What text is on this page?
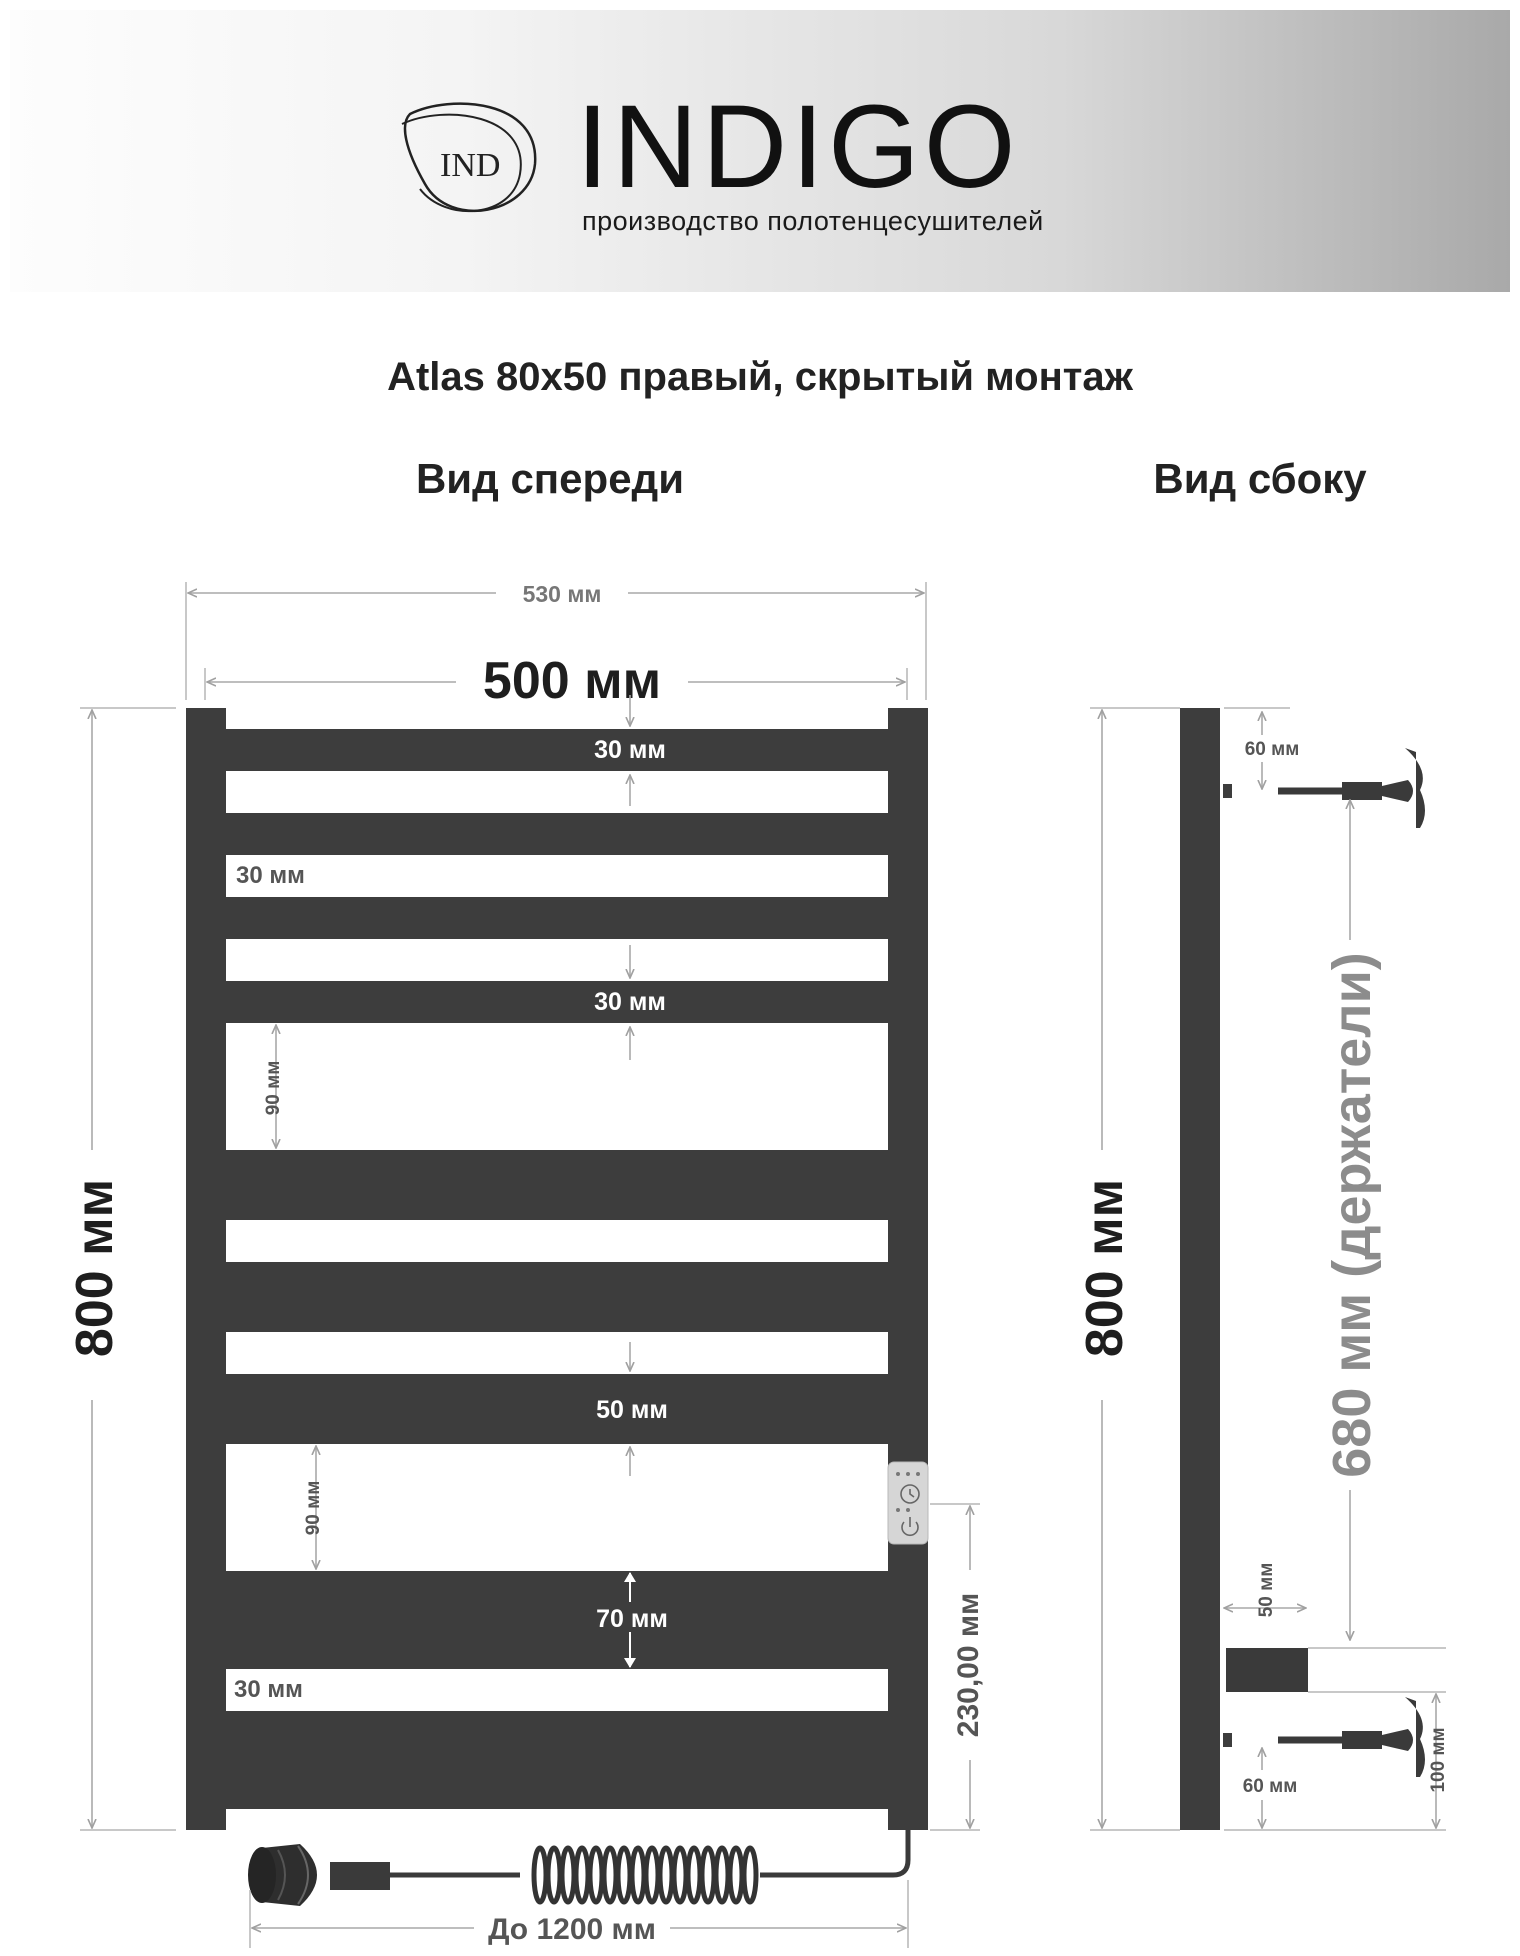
IND INDIGO
производство полотенцесушителей
Atlas 80x50 правый, скрытый монтаж
Вид спереди	Вид сбоку
530 мм
500 мм
800 мм
30 мм
30 мм
30 мм
90 мм
50 мм
90 мм
70 мм
30 мм	230,00 мм
До 1200 мм
800 мм
60 мм
680 мм (держатели)
50 мм
60 мм	100 мм
